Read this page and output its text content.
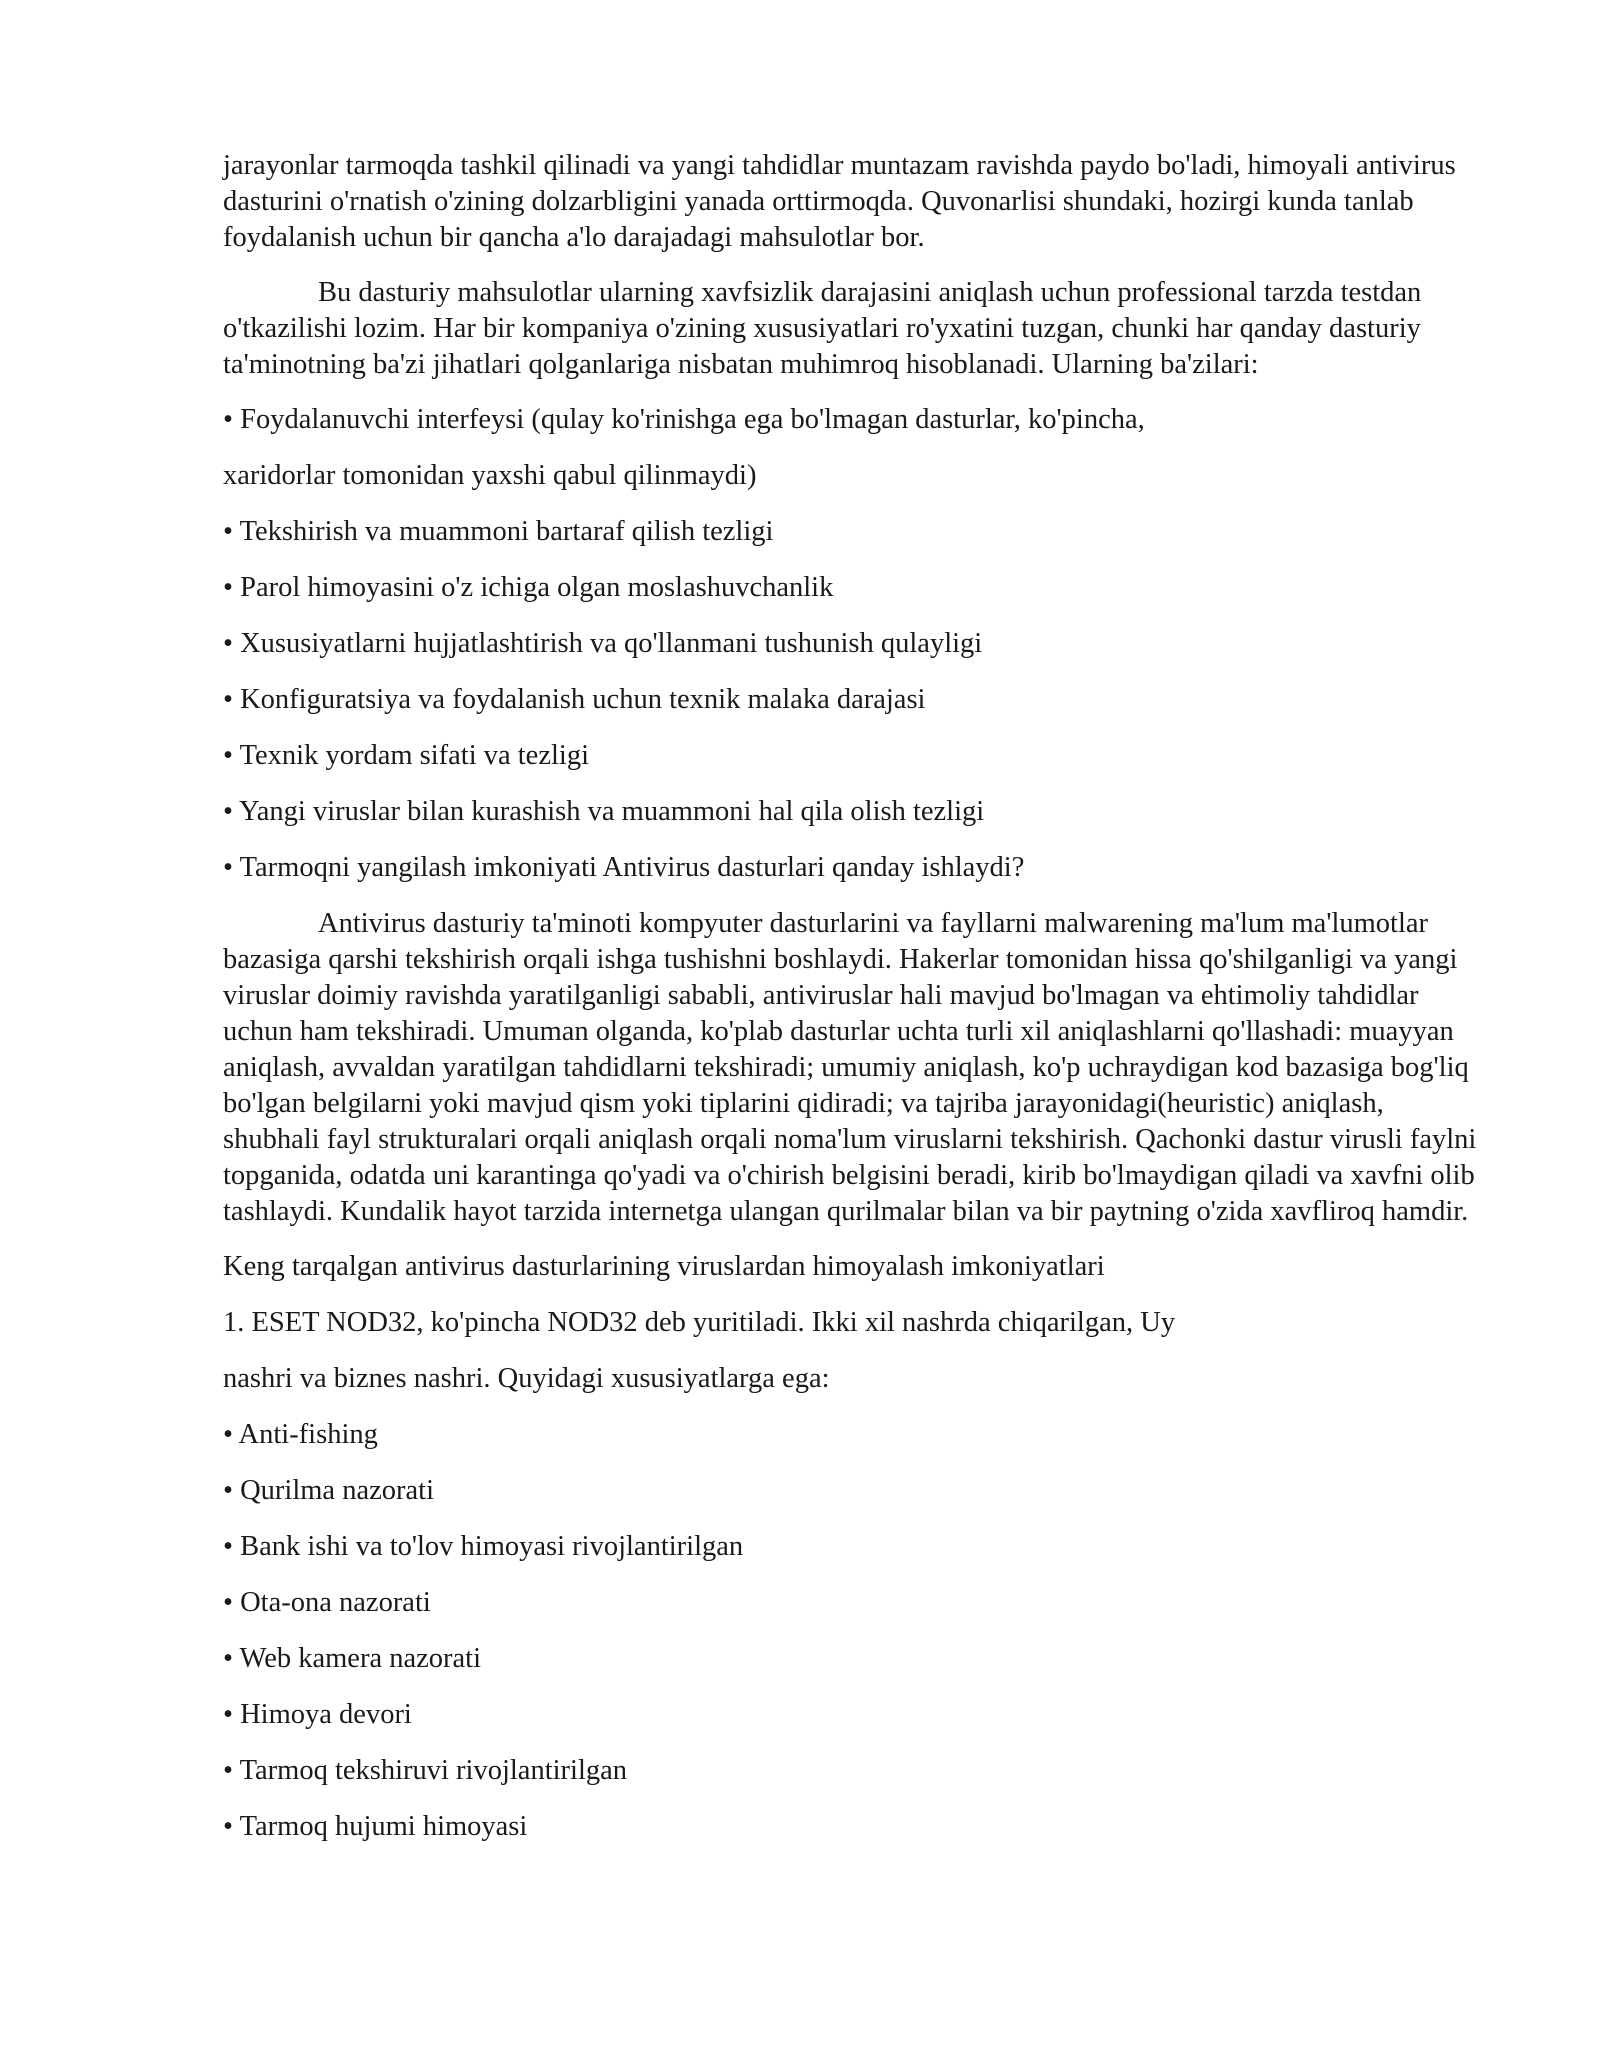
jarayonlar tarmoqda tashkil qilinadi va yangi tahdidlar muntazam ravishda paydo bo'ladi, himoyali antivirus dasturini o'rnatish o'zining dolzarbligini yanada orttirmoqda. Quvonarlisi shundaki, hozirgi kunda tanlab foydalanish uchun bir qancha a'lo darajadagi mahsulotlar bor.

Bu dasturiy mahsulotlar ularning xavfsizlik darajasini aniqlash uchun professional tarzda testdan o'tkazilishi lozim. Har bir kompaniya o'zining xususiyatlari ro'yxatini tuzgan, chunki har qanday dasturiy ta'minotning ba'zi jihatlari qolganlariga nisbatan muhimroq hisoblanadi. Ularning ba'zilari:

• Foydalanuvchi interfeysi (qulay ko'rinishga ega bo'lmagan dasturlar, ko'pincha,
xaridorlar tomonidan yaxshi qabul qilinmaydi)
• Tekshirish va muammoni bartaraf qilish tezligi
• Parol himoyasini o'z ichiga olgan moslashuvchanlik
• Xususiyatlarni hujjatlashtirish va qo'llanmani tushunish qulayligi
• Konfiguratsiya va foydalanish uchun texnik malaka darajasi
• Texnik yordam sifati va tezligi
• Yangi viruslar bilan kurashish va muammoni hal qila olish tezligi
• Tarmoqni yangilash imkoniyati Antivirus dasturlari qanday ishlaydi?

Antivirus dasturiy ta'minoti kompyuter dasturlarini va fayllarni malwarening ma'lum ma'lumotlar bazasiga qarshi tekshirish orqali ishga tushishni boshlaydi. Hakerlar tomonidan hissa qo'shilganligi va yangi viruslar doimiy ravishda yaratilganligi sababli, antiviruslar hali mavjud bo'lmagan va ehtimoliy tahdidlar uchun ham tekshiradi. Umuman olganda, ko'plab dasturlar uchta turli xil aniqlashlarni qo'llashadi: muayyan aniqlash, avvaldan yaratilgan tahdidlarni tekshiradi; umumiy aniqlash, ko'p uchraydigan kod bazasiga bog'liq bo'lgan belgilarni yoki mavjud qism yoki tiplarini qidiradi; va tajriba jarayonidagi(heuristic) aniqlash, shubhali fayl strukturalari orqali aniqlash orqali noma'lum viruslarni tekshirish. Qachonki dastur virusli faylni topganida, odatda uni karantinga qo'yadi va o'chirish belgisini beradi, kirib bo'lmaydigan qiladi va xavfni olib tashlaydi. Kundalik hayot tarzida internetga ulangan qurilmalar bilan va bir paytning o'zida xavfliroq hamdir.

Keng tarqalgan antivirus dasturlarining viruslardan himoyalash imkoniyatlari
1. ESET NOD32, ko'pincha NOD32 deb yuritiladi. Ikki xil nashrda chiqarilgan, Uy
nashri va biznes nashri. Quyidagi xususiyatlarga ega:
• Anti-fishing
• Qurilma nazorati
• Bank ishi va to'lov himoyasi rivojlantirilgan
• Ota-ona nazorati
• Web kamera nazorati
• Himoya devori
• Tarmoq tekshiruvi rivojlantirilgan
• Tarmoq hujumi himoyasi
